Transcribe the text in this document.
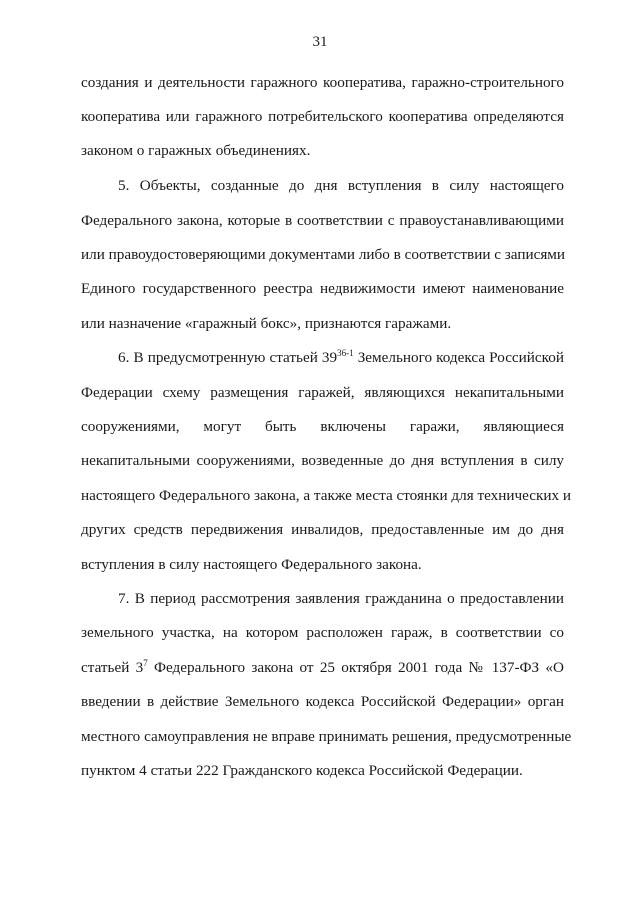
31
создания и деятельности гаражного кооператива, гаражно-строительного
кооператива или гаражного потребительского кооператива определяются
законом о гаражных объединениях.
5. Объекты, созданные до дня вступления в силу настоящего
Федерального закона, которые в соответствии с правоустанавливающими
или правоудостоверяющими документами либо в соответствии с записями
Единого государственного реестра недвижимости имеют наименование
или назначение «гаражный бокс», признаются гаражами.
6. В предусмотренную статьей 39$^{36-1}$ Земельного кодекса Российской
Федерации схему размещения гаражей, являющихся некапитальными
сооружениями, могут быть включены гаражи, являющиеся
некапитальными сооружениями, возведенные до дня вступления в силу
настоящего Федерального закона, а также места стоянки для технических и
других средств передвижения инвалидов, предоставленные им до дня
вступления в силу настоящего Федерального закона.
7. В период рассмотрения заявления гражданина о предоставлении
земельного участка, на котором расположен гараж, в соответствии со
статьей $3^7$ Федерального закона от 25 октября 2001 года № 137-ФЗ «О
введении в действие Земельного кодекса Российской Федерации» орган
местного самоуправления не вправе принимать решения, предусмотренные
пунктом 4 статьи 222 Гражданского кодекса Российской Федерации.
